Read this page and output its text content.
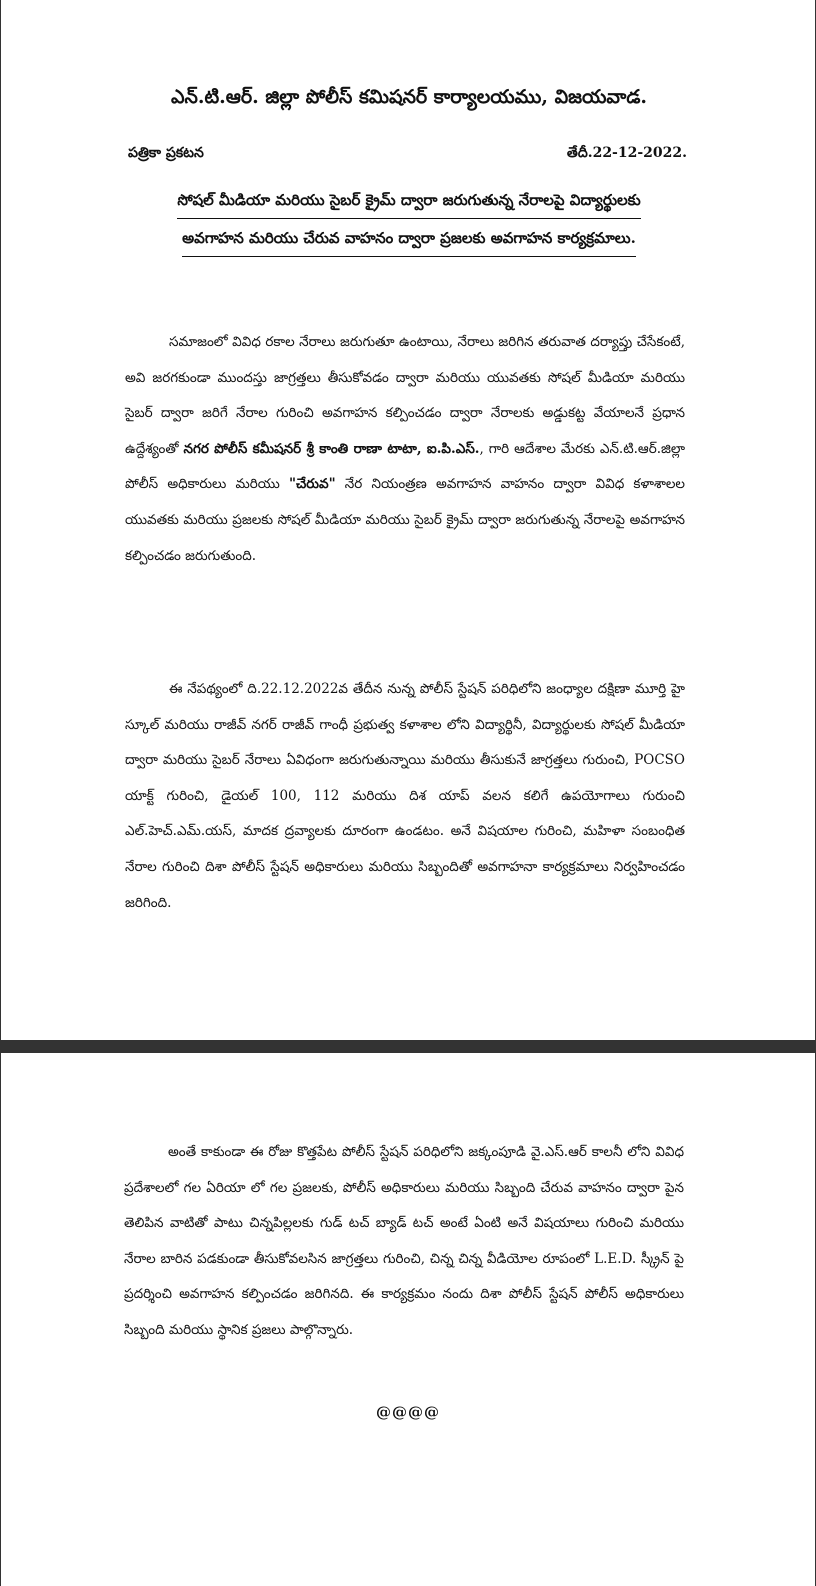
ఎన్.టి.ఆర్. జిల్లా పోలీస్ కమిషనర్ కార్యాలయము, విజయవాడ.
పత్రికా ప్రకటన	తేదీ.22-12-2022.
సోషల్ మీడియా మరియు సైబర్ క్రైమ్ ద్వారా జరుగుతున్న నేరాలపై విద్యార్థులకు
అవగాహన మరియు చేరువ వాహనం ద్వారా ప్రజలకు అవగాహన కార్యక్రమాలు.

సమాజంలో వివిధ రకాల నేరాలు జరుగుతూ ఉంటాయి, నేరాలు జరిగిన తరువాత దర్యాప్తు చేసేకంటే, అవి జరగకుండా ముందస్తు జాగ్రత్తలు తీసుకోవడం ద్వారా మరియు యువతకు సోషల్ మీడియా మరియు సైబర్ ద్వారా జరిగే నేరాల గురించి అవగాహన కల్పించడం ద్వారా నేరాలకు అడ్డుకట్ట వేయాలనే ప్రధాన ఉద్దేశ్యంతో నగర పోలీస్ కమీషనర్ శ్రీ కాంతి రాణా టాటా, ఐ.పి.ఎస్., గారి ఆదేశాల మేరకు ఎన్.టి.ఆర్.జిల్లా పోలీస్ అధికారులు మరియు "చేరువ" నేర నియంత్రణ అవగాహన వాహనం ద్వారా వివిధ కళాశాలల యువతకు మరియు ప్రజలకు సోషల్ మీడియా మరియు సైబర్ క్రైమ్ ద్వారా జరుగుతున్న నేరాలపై అవగాహన కల్పించడం జరుగుతుంది.

ఈ నేపథ్యంలో ది.22.12.2022వ తేదీన నున్న పోలీస్ స్టేషన్ పరిధిలోని జంధ్యాల దక్షిణా మూర్తి హై స్కూల్ మరియు రాజీవ్ నగర్ రాజీవ్ గాంధీ ప్రభుత్వ కళాశాల లోని విద్యార్థినీ, విద్యార్థులకు సోషల్ మీడియా ద్వారా మరియు సైబర్ నేరాలు ఏవిధంగా జరుగుతున్నాయి మరియు తీసుకునే జాగ్రత్తలు గురుంచి, POCSO యాక్ట్ గురించి, డైయల్ 100, 112 మరియు దిశ యాప్ వలన కలిగే ఉపయోగాలు గురుంచి ఎల్.హెచ్.ఎమ్.యస్, మాదక ద్రవ్యాలకు దూరంగా ఉండటం. అనే విషయాల గురించి, మహిళా సంబంధిత నేరాల గురించి దిశా పోలీస్ స్టేషన్ అధికారులు మరియు సిబ్బందితో అవగాహనా కార్యక్రమాలు నిర్వహించడం జరిగింది.

అంతే కాకుండా ఈ రోజు కొత్తపేట పోలీస్ స్టేషన్ పరిధిలోని జక్కంపూడి వై.ఎస్.ఆర్ కాలనీ లోని వివిధ ప్రదేశాలలో గల ఏరియా లో గల ప్రజలకు, పోలీస్ అధికారులు మరియు సిబ్బంది చేరువ వాహనం ద్వారా పైన తెలిపిన వాటితో పాటు చిన్నపిల్లలకు గుడ్ టచ్ బ్యాడ్ టచ్ అంటే ఏంటి అనే విషయాలు గురించి మరియు నేరాల బారిన పడకుండా తీసుకోవలసిన జాగ్రత్తలు గురించి, చిన్న చిన్న వీడియోల రూపంలో L.E.D. స్క్రీన్ పై ప్రదర్శించి అవగాహన కల్పించడం జరిగినది. ఈ కార్యక్రమం నందు దిశా పోలీస్ స్టేషన్ పోలీస్ అధికారులు సిబ్బంది మరియు స్థానిక ప్రజలు పాల్గొన్నారు.

@@@@
